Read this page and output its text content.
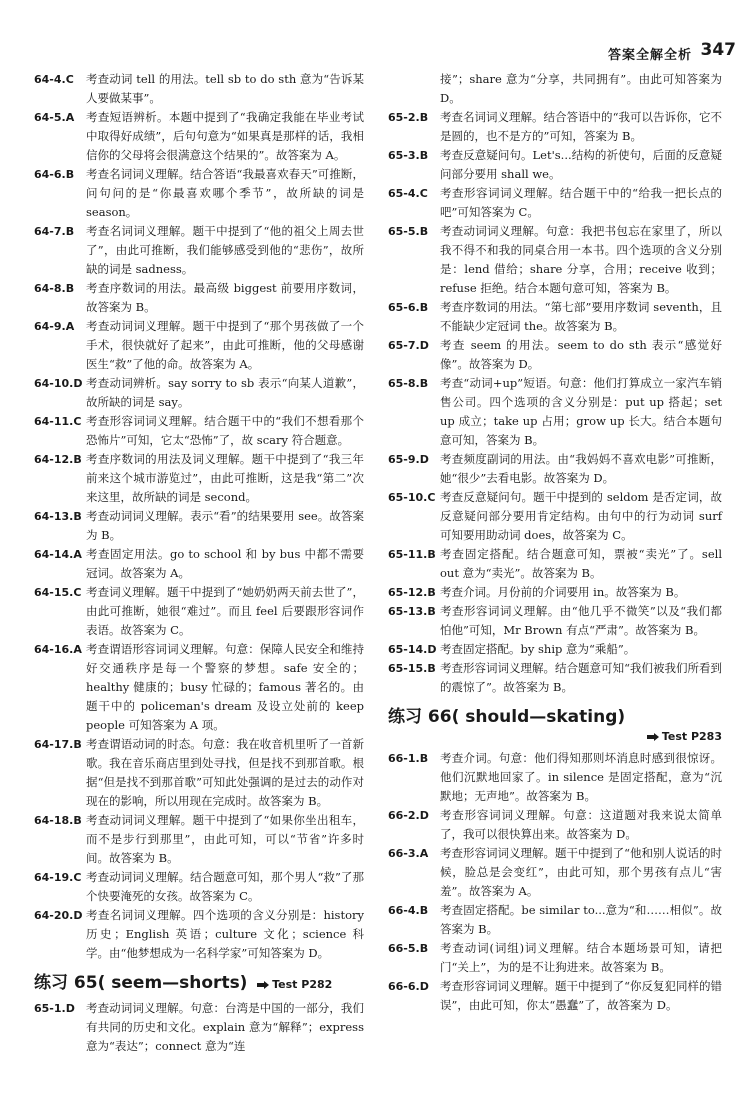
答案全解全析 347

64-4.C 考查动词 tell 的用法。tell sb to do sth 意为“告诉某人要做某事”。

64-5.A 考查短语辨析。本题中提到了“我确定我能在毕业考试中取得好成绩”，后句句意为“如果真是那样的话，我相信你的父母将会很满意这个结果的”。故答案为 A。

64-6.B 考查名词词义理解。结合答语“我最喜欢春天”可推断，问句问的是“你最喜欢哪个季节”，故所缺的词是 season。

64-7.B 考查名词词义理解。题干中提到了“他的祖父上周去世了”，由此可推断，我们能够感受到他的“悲伤”，故所缺的词是 sadness。

64-8.B 考查序数词的用法。最高级 biggest 前要用序数词，故答案为 B。

64-9.A 考查动词词义理解。题干中提到了“那个男孩做了一个手术，很快就好了起来”，由此可推断，他的父母感谢医生“救”了他的命。故答案为 A。

64-10.D 考查动词辨析。say sorry to sb 表示“向某人道歉”，故所缺的词是 say。

64-11.C 考查形容词词义理解。结合题干中的“我们不想看那个恐怖片”可知，它太“恐怖”了，故 scary 符合题意。

64-12.B 考查序数词的用法及词义理解。题干中提到了“我三年前来这个城市游览过”，由此可推断，这是我“第二”次来这里，故所缺的词是 second。

64-13.B 考查动词词义理解。表示“看”的结果要用 see。故答案为 B。

64-14.A 考查固定用法。go to school 和 by bus 中都不需要冠词。故答案为 A。

64-15.C 考查词义理解。题干中提到了“她奶奶两天前去世了”，由此可推断，她很“难过”。而且 feel 后要跟形容词作表语。故答案为 C。

64-16.A 考查谓语形容词词义理解。句意：保障人民安全和维持好交通秩序是每一个警察的梦想。safe 安全的；healthy 健康的；busy 忙碌的；famous 著名的。由题干中的 policeman's dream 及设立处前的 keep people 可知答案为 A 项。

64-17.B 考查谓语动词的时态。句意：我在收音机里听了一首新歌。我在音乐商店里到处寻找，但是找不到那首歌。根据“但是找不到那首歌”可知此处强调的是过去的动作对现在的影响，所以用现在完成时。故答案为 B。

64-18.B 考查动词词义理解。题干中提到了“如果你坐出租车，而不是步行到那里”，由此可知，可以“节省”许多时间。故答案为 B。

64-19.C 考查动词词义理解。结合题意可知，那个男人“救”了那个快要淹死的女孩。故答案为 C。

64-20.D 考查名词词义理解。四个选项的含义分别是：history 历史；English 英语；culture 文化；science 科学。由“他梦想成为一名科学家”可知答案为 D。

练习 65( seem—shorts) Test P282

65-1.D 考查动词词义理解。句意：台湾是中国的一部分，我们有共同的历史和文化。explain 意为“解释”；express 意为“表达”；connect 意为“连

接”；share 意为“分享，共同拥有”。由此可知答案为 D。

65-2.B 考查名词词义理解。结合答语中的“我可以告诉你，它不是圆的，也不是方的”可知，答案为 B。

65-3.B 考查反意疑问句。Let's...结构的祈使句，后面的反意疑问部分要用 shall we。

65-4.C 考查形容词词义理解。结合题干中的“给我一把长点的吧”可知答案为 C。

65-5.B 考查动词词义理解。句意：我把书包忘在家里了，所以我不得不和我的同桌合用一本书。四个选项的含义分别是：lend 借给；share 分享，合用；receive 收到；refuse 拒绝。结合本题句意可知，答案为 B。

65-6.B 考查序数词的用法。“第七部”要用序数词 seventh，且不能缺少定冠词 the。故答案为 B。

65-7.D 考查 seem 的用法。seem to do sth 表示“感觉好像”。故答案为 D。

65-8.B 考查“动词+up”短语。句意：他们打算成立一家汽车销售公司。四个选项的含义分别是：put up 搭起；set up 成立；take up 占用；grow up 长大。结合本题句意可知，答案为 B。

65-9.D 考查频度副词的用法。由“我妈妈不喜欢电影”可推断，她“很少”去看电影。故答案为 D。

65-10.C 考查反意疑问句。题干中提到的 seldom 是否定词，故反意疑问部分要用肯定结构。由句中的行为动词 surf 可知要用助动词 does，故答案为 C。

65-11.B 考查固定搭配。结合题意可知，票被“卖光”了。sell out 意为“卖光”。故答案为 B。

65-12.B 考查介词。月份前的介词要用 in。故答案为 B。

65-13.B 考查形容词词义理解。由“他几乎不微笑”以及“我们都怕他”可知，Mr Brown 有点“严肃”。故答案为 B。

65-14.D 考查固定搭配。by ship 意为“乘船”。

65-15.B 考查形容词词义理解。结合题意可知“我们被我们所看到的震惊了”。故答案为 B。

练习 66( should—skating)
Test P283

66-1.B 考查介词。句意：他们得知那则坏消息时感到很惊讶。他们沉默地回家了。in silence 是固定搭配，意为“沉默地；无声地”。故答案为 B。

66-2.D 考查形容词词义理解。句意：这道题对我来说太简单了，我可以很快算出来。故答案为 D。

66-3.A 考查形容词词义理解。题干中提到了“他和别人说话的时候，脸总是会变红”，由此可知，那个男孩有点儿“害羞”。故答案为 A。

66-4.B 考查固定搭配。be similar to...意为“和……相似”。故答案为 B。

66-5.B 考查动词(词组)词义理解。结合本题场景可知，请把门“关上”，为的是不让狗进来。故答案为 B。

66-6.D 考查形容词词义理解。题干中提到了“你反复犯同样的错误”，由此可知，你太“愚蠢”了，故答案为 D。
